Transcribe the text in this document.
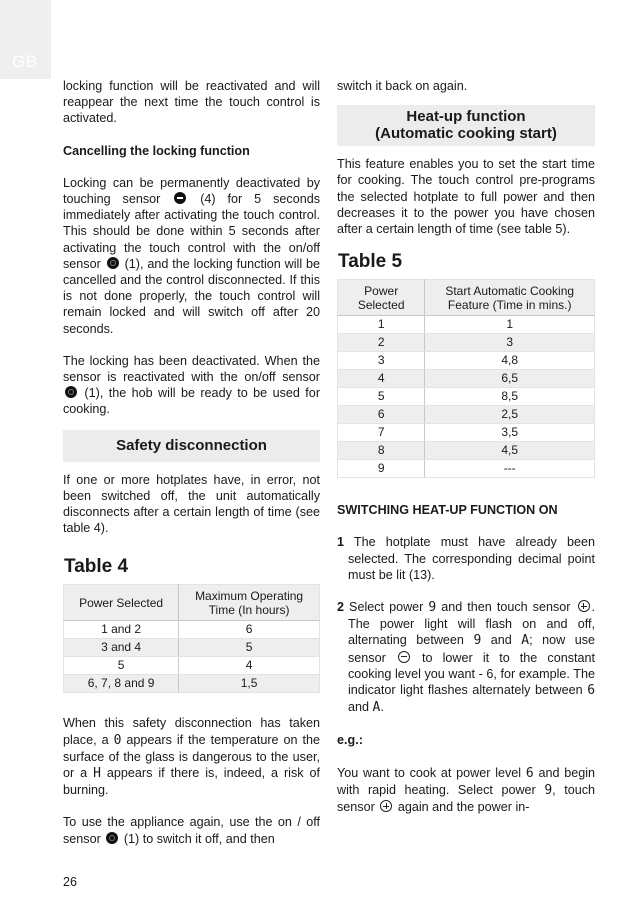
GB

locking function will be reactivated and will reappear the next time the touch control is activated.

Cancelling the locking function

Locking can be permanently deactivated by touching sensor	(4) for 5 seconds immediately after activating the touch control. This should be done within 5 seconds after activating the touch control with the on/off sensor (1), and the locking function will be cancelled and the control disconnected. If this is not done properly, the touch control will remain locked and will switch off after 20 seconds.

The locking has been deactivated. When the sensor is reactivated with the on/off sensor  (1), the hob will be ready to be used for cooking.

Safety disconnection

If one or more hotplates have, in error, not been switched off, the unit automatically disconnects after a certain length of time (see table 4).

Table 4
Power Selected	Maximum Operating Time (In hours)
1 and 2	6
3 and 4	5
5	4
6, 7, 8 and 9	1,5

When this safety disconnection has taken place, a 0 appears if the temperature on the surface of the glass is dangerous to the user, or a H appears if there is, indeed, a risk of burning.

To use the appliance again, use the on / off sensor (1) to switch it off, and then

switch it back on again.

Heat-up function
(Automatic cooking start)

This feature enables you to set the start time for cooking. The touch control pre-programs the selected hotplate to full power and then decreases it to the power you have chosen after a certain length of time (see table 5).

Table 5
Power Selected	Start Automatic Cooking Feature (Time in mins.)
1	1
2	3
3	4,8
4	6,5
5	8,5
6	2,5
7	3,5
8	4,5
9	---

SWITCHING HEAT-UP FUNCTION ON

1 The hotplate must have already been selected. The corresponding decimal point must be lit (13).

2 Select power 9 and then touch sensor . The power light will flash on and off, alternating between 9 and A; now use sensor	to lower it to the constant cooking level you want - 6, for example. The indicator light flashes alternately between 6 and A.

e.g.:

You want to cook at power level 6 and begin with rapid heating. Select power 9, touch sensor again and the power in-

26
